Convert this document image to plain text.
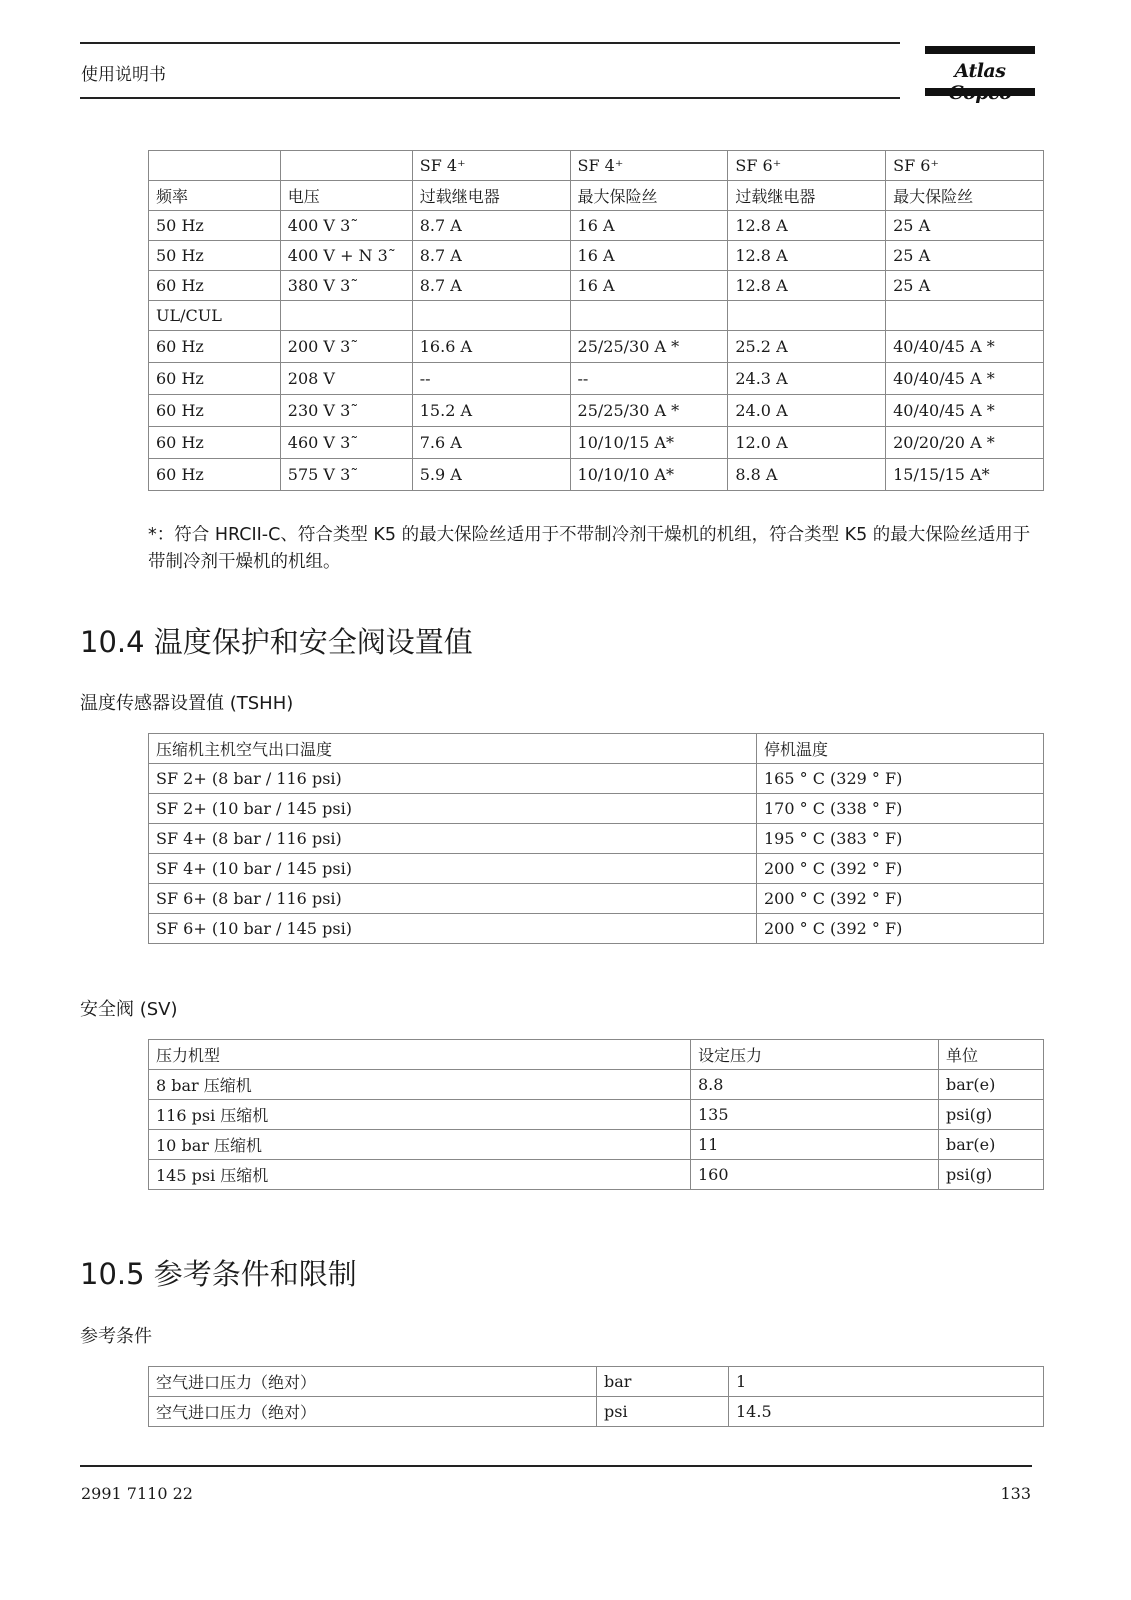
使用说明书	Atlas
		SF 4⁺	SF 4⁺	SF 6⁺	SF 6⁺
频率	电压	过载继电器	最大保险丝	过载继电器	最大保险丝
50 Hz	400 V 3˜	8.7 A	16 A	12.8 A	25 A
50 Hz	400 V + N 3˜	8.7 A	16 A	12.8 A	25 A
60 Hz	380 V 3˜	8.7 A	16 A	12.8 A	25 A
UL/CUL					
60 Hz	200 V 3˜	16.6 A	25/25/30 A *	25.2 A	40/40/45 A *
60 Hz	208 V	--	--	24.3 A	40/40/45 A *
60 Hz	230 V 3˜	15.2 A	25/25/30 A *	24.0 A	40/40/45 A *
60 Hz	460 V 3˜	7.6 A	10/10/15 A*	12.0 A	20/20/20 A *
60 Hz	575 V 3˜	5.9 A	10/10/10 A*	8.8 A	15/15/15 A*
*：符合 HRCII-C、符合类型 K5 的最大保险丝适用于不带制冷剂干燥机的机组，符合类型 K5 的最大保险丝适用于带制冷剂干燥机的机组。
10.4 温度保护和安全阀设置值
温度传感器设置值 (TSHH)
压缩机主机空气出口温度	停机温度
SF 2+ (8 bar / 116 psi)	165 ° C (329 ° F)
SF 2+ (10 bar / 145 psi)	170 ° C (338 ° F)
SF 4+ (8 bar / 116 psi)	195 ° C (383 ° F)
SF 4+ (10 bar / 145 psi)	200 ° C (392 ° F)
SF 6+ (8 bar / 116 psi)	200 ° C (392 ° F)
SF 6+ (10 bar / 145 psi)	200 ° C (392 ° F)
安全阀 (SV)
压力机型	设定压力	单位
8 bar 压缩机	8.8	bar(e)
116 psi 压缩机	135	psi(g)
10 bar 压缩机	11	bar(e)
145 psi 压缩机	160	psi(g)
10.5 参考条件和限制
参考条件
空气进口压力（绝对）	bar	1
空气进口压力（绝对）	psi	14.5
2991 7110 22	133
